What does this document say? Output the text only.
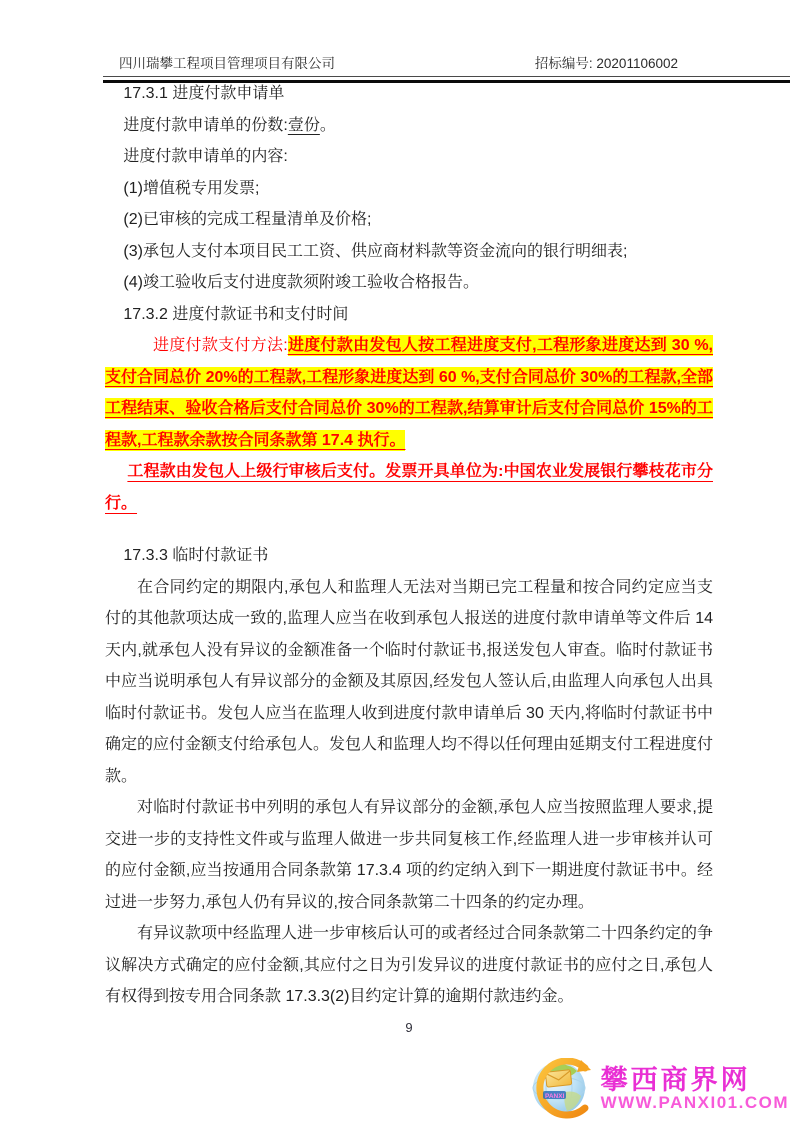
四川瑞攀工程项目管理项目有限公司	招标编号: 20201106002

17.3.1 进度付款申请单

进度付款申请单的份数:壹份。

进度付款申请单的内容:

(1)增值税专用发票;

(2)已审核的完成工程量清单及价格;

(3)承包人支付本项目民工工资、供应商材料款等资金流向的银行明细表;

(4)竣工验收后支付进度款须附竣工验收合格报告。

17.3.2 进度付款证书和支付时间

进度付款支付方法:进度付款由发包人按工程进度支付,工程形象进度达到 30 %,支付合同总价 20%的工程款,工程形象进度达到 60 %,支付合同总价 30%的工程款,全部工程结束、验收合格后支付合同总价 30%的工程款,结算审计后支付合同总价 15%的工程款,工程款余款按合同条款第 17.4 执行。

工程款由发包人上级行审核后支付。发票开具单位为:中国农业发展银行攀枝花市分行。

17.3.3 临时付款证书

在合同约定的期限内,承包人和监理人无法对当期已完工程量和按合同约定应当支付的其他款项达成一致的,监理人应当在收到承包人报送的进度付款申请单等文件后 14 天内,就承包人没有异议的金额准备一个临时付款证书,报送发包人审查。临时付款证书中应当说明承包人有异议部分的金额及其原因,经发包人签认后,由监理人向承包人出具临时付款证书。发包人应当在监理人收到进度付款申请单后 30 天内,将临时付款证书中确定的应付金额支付给承包人。发包人和监理人均不得以任何理由延期支付工程进度付款。

对临时付款证书中列明的承包人有异议部分的金额,承包人应当按照监理人要求,提交进一步的支持性文件或与监理人做进一步共同复核工作,经监理人进一步审核并认可的应付金额,应当按通用合同条款第 17.3.4 项的约定纳入到下一期进度付款证书中。经过进一步努力,承包人仍有异议的,按合同条款第二十四条的约定办理。

有异议款项中经监理人进一步审核后认可的或者经过合同条款第二十四条约定的争议解决方式确定的应付金额,其应付之日为引发异议的进度付款证书的应付之日,承包人有权得到按专用合同条款 17.3.3(2)目约定计算的逾期付款违约金。

9
PANXI
攀西商界网
WWW.PANXI01.COM
